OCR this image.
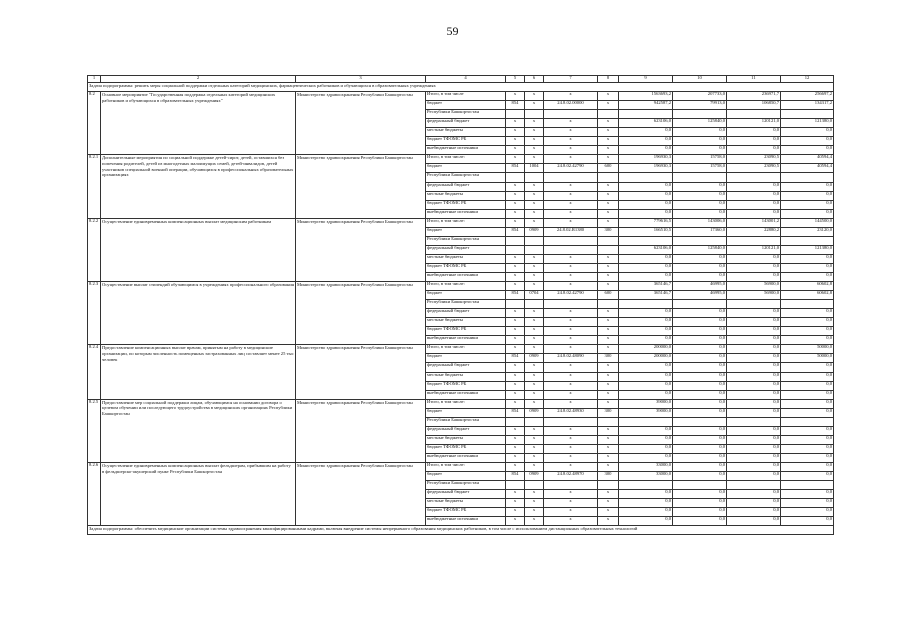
59
1	2	3	4	5	6	7	8	9	10	11	12
Задача подпрограммы: решить меры социальной поддержки отдельных категорий медицинских, фармацевтических работников и обучающихся в образовательных учреждениях											
8.2	Основное мероприятие "Государственная поддержка отдельных категорий медицинских работников и обучающихся в образовательных учреждениях"	Министерство здравоохранения Республики Башкортостан	Итого, в том числе	x	x	x	x	1563693,2	207733,0	236971,7	256697,2
			бюджет	854	x	24.8.02.00000	x	942587,2	79913,0	106850,7	134317,2
			Республики Башкортостан								
			федеральный бюджет	x	x	x	x	623106,0	125840,0	120121,0	121380,0
			местные бюджеты	x	x	x	x	0,0	0,0	0,0	0,0
			бюджет ТФОМС РБ	x	x	x	x	0,0	0,0	0,0	0,0
			внебюджетные источники	x	x	x	x	0,0	0,0	0,0	0,0
8.2.1	Дополнительные мероприятия по социальной поддержке детей-сирот, детей, оставшихся без попечения родителей, детей из многодетных малоимущих семей, детей-инвалидов, детей участников специальной военной операции, обучающихся в профессиональных образовательных организациях	Министерство здравоохранения Республики Башкортостан	Итого, в том числе:	x	x	x	x	196930,3	15758,0	23090,5	40594,4
			бюджет	854	1004	24.8.02.42790	600	196930,3	15758,0	23090,5	40594,4
			Республики Башкортостан								
			федеральный бюджет	x	x	x	x	0,0	0,0	0,0	0,0
			местные бюджеты	x	x	x	x	0,0	0,0	0,0	0,0
			бюджет ТФОМС РБ	x	x	x	x	0,0	0,0	0,0	0,0
			внебюджетные источники	x	x	x	x	0,0	0,0	0,0	0,0
8.2.2	Осуществление единовременных компенсационных выплат медицинским работникам	Министерство здравоохранения Республики Башкортостан	Итого, в том числе:	x	x	x	x	779616,5	143006,0	143001,2	144500,0
			бюджет	854	0909	24.8.02.R1380	300	166510,5	17360,0	22880,2	23120,0
			Республики Башкортостан								
			федеральный бюджет					623106,0	125840,0	120121,0	121380,0
			местные бюджеты	x	x	x	x	0,0	0,0	0,0	0,0
			бюджет ТФОМС РБ	x	x	x	x	0,0	0,0	0,0	0,0
			внебюджетные источники	x	x	x	x	0,0	0,0	0,0	0,0
8.2.3	Осуществление выплат стипендий обучающимся в учреждениях профессионального образования	Министерство здравоохранения Республики Башкортостан	Итого, в том числе:	x	x	x	x	365146,7	46995,0	56900,0	60602,8
			бюджет	854	0704	24.8.02.42790	600	365146,7	46995,0	56900,0	60602,8
			Республики Башкортостан								
			федеральный бюджет	x	x	x	x	0,0	0,0	0,0	0,0
			местные бюджеты	x	x	x	x	0,0	0,0	0,0	0,0
			бюджет ТФОМС РБ	x	x	x	x	0,0	0,0	0,0	0,0
			внебюджетные источники	x	x	x	x	0,0	0,0	0,0	0,0
8.2.4	Предоставление компенсационных выплат врачам, принятым на работу в медицинские организации, по которым численность помещенных застрахованных лиц составляет менее 25 тыс человек	Министерство здравоохранения Республики Башкортостан	Итого, в том числе:	x	x	x	x	200000,0	0,0	0,0	50000,0
			бюджет	854	0909	24.8.02.48090	300	200000,0	0,0	0,0	50000,0
			федеральный бюджет	x	x	x	x	0,0	0,0	0,0	0,0
			местные бюджеты	x	x	x	x	0,0	0,0	0,0	0,0
			бюджет ТФОМС РБ	x	x	x	x	0,0	0,0	0,0	0,0
			внебюджетные источники	x	x	x	x	0,0	0,0	0,0	0,0
8.2.5	Предоставление мер социальной поддержки лицам, обучающимся на основании договора о целевом обучении или последующего трудоустройства в медицинских организациях Республики Башкортостан	Министерство здравоохранения Республики Башкортостан	Итого, в том числе:	x	x	x	x	39000,0	0,0	0,0	0,0
			бюджет	854	0909	24.8.02.48930	300	39000,0	0,0	0,0	0,0
			Республики Башкортостан								
			федеральный бюджет	x	x	x	x	0,0	0,0	0,0	0,0
			местные бюджеты	x	x	x	x	0,0	0,0	0,0	0,0
			бюджет ТФОМС РБ	x	x	x	x	0,0	0,0	0,0	0,0
			внебюджетные источники	x	x	x	x	0,0	0,0	0,0	0,0
8.2.6	Осуществление единовременных компенсационных выплат фельдшерам, прибывшим на работу в фельдшерско-акушерский пункт Республики Башкортостан	Министерство здравоохранения Республики Башкортостан	Итого, в том числе:	x	x	x	x	33000,0	0,0	0,0	0,0
			бюджет	854	0909	24.8.02.48970	300	33000,0	0,0	0,0	0,0
			Республики Башкортостан								
			федеральный бюджет	x	x	x	x	0,0	0,0	0,0	0,0
			местные бюджеты	x	x	x	x	0,0	0,0	0,0	0,0
			бюджет ТФОМС РБ	x	x	x	x	0,0	0,0	0,0	0,0
			внебюджетные источники	x	x	x	x	0,0	0,0	0,0	0,0
Задача подпрограммы: обеспечить медицинские организации системы здравоохранения квалифицированными кадрами, включая внедрение системы непрерывного образования медицинских работников, в том числе с использованием дистанционных образовательных технологий											
